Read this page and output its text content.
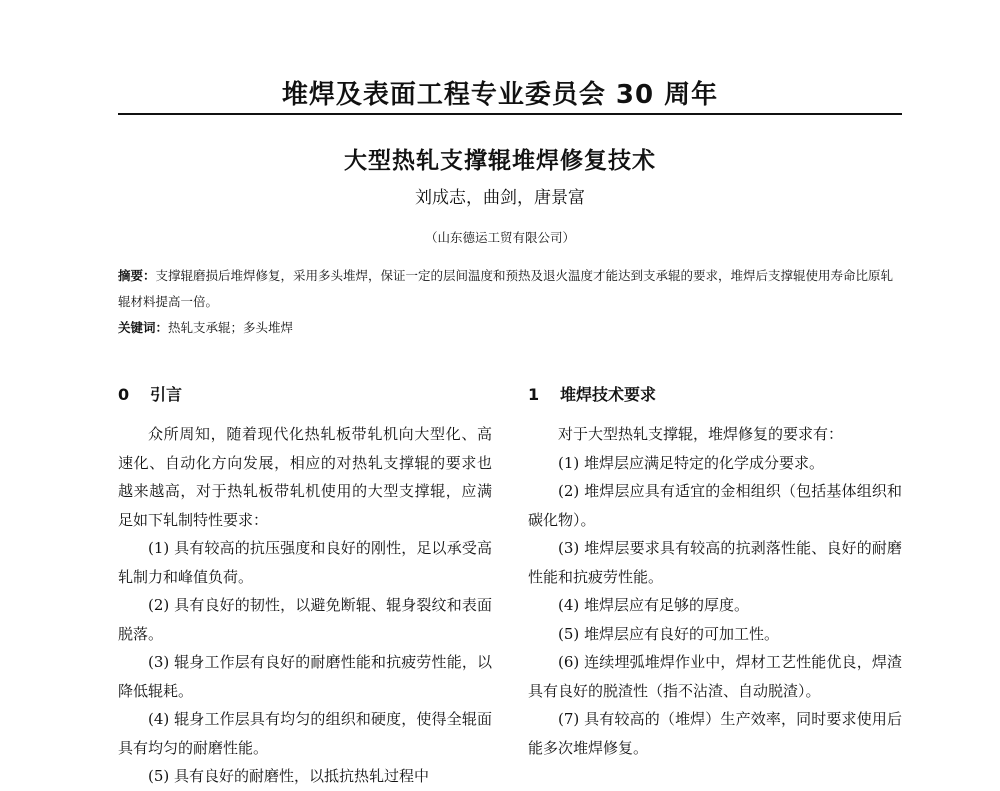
堆焊及表面工程专业委员会 30 周年
大型热轧支撑辊堆焊修复技术
刘成志，曲剑，唐景富
（山东德运工贸有限公司）
摘要：支撑辊磨损后堆焊修复，采用多头堆焊，保证一定的层间温度和预热及退火温度才能达到支承辊的要求，堆焊后支撑辊使用寿命比原轧辊材料提高一倍。
关键词：热轧支承辊；多头堆焊
0 引言

众所周知，随着现代化热轧板带轧机向大型化、高速化、自动化方向发展，相应的对热轧支撑辊的要求也越来越高，对于热轧板带轧机使用的大型支撑辊，应满足如下轧制特性要求：

(1) 具有较高的抗压强度和良好的刚性，足以承受高轧制力和峰值负荷。

(2) 具有良好的韧性，以避免断辊、辊身裂纹和表面脱落。

(3) 辊身工作层有良好的耐磨性能和抗疲劳性能，以降低辊耗。

(4) 辊身工作层具有均匀的组织和硬度，使得全辊面具有均匀的耐磨性能。

(5) 具有良好的耐磨性，以抵抗热轧过程中

1 堆焊技术要求

对于大型热轧支撑辊，堆焊修复的要求有：

(1) 堆焊层应满足特定的化学成分要求。

(2) 堆焊层应具有适宜的金相组织（包括基体组织和碳化物）。

(3) 堆焊层要求具有较高的抗剥落性能、良好的耐磨性能和抗疲劳性能。

(4) 堆焊层应有足够的厚度。

(5) 堆焊层应有良好的可加工性。

(6) 连续埋弧堆焊作业中，焊材工艺性能优良，焊渣具有良好的脱渣性（指不沾渣、自动脱渣）。

(7) 具有较高的（堆焊）生产效率，同时要求使用后能多次堆焊修复。
